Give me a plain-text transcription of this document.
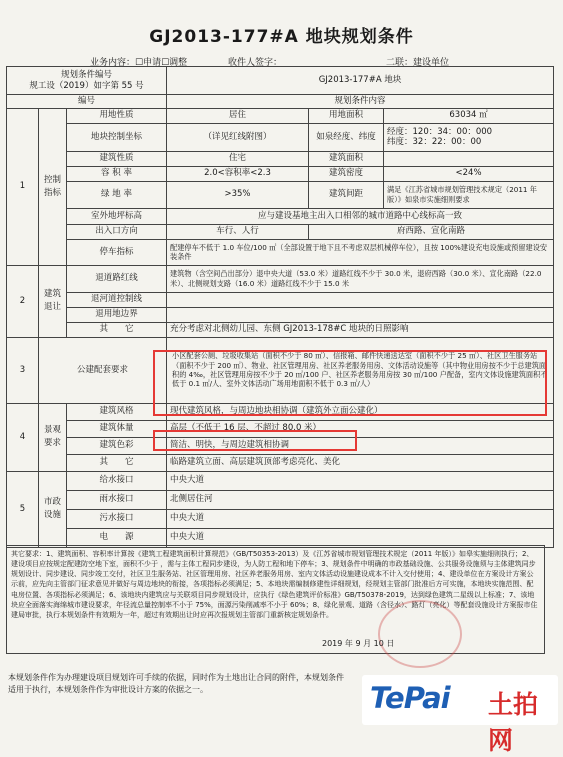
GJ2013-177#A 地块规划条件
业务内容：☐申请☐调整	收件人签字：	二联：建设单位
规划条件编号
规工设（2019）如字第 55 号			GJ2013-177#A 地块		
编号			规划条件内容		
1	控制指标	用地性质	居住	用地面积	63034 ㎡
		地块控制坐标	（详见红线附图）	如泉经度、纬度	经度：120：34：00：000
纬度：32：22：00：00

		建筑性质	住宅	建筑面积	
		容 积 率	2.0<容积率<2.3	建筑密度	<24%
		绿 地 率	>35%	建筑间距	满足《江苏省城市规划管理技术规定（2011 年版）》如泉市实施细则要求
		室外地坪标高	应与建设基地主出入口相邻的城市道路中心线标高一致		
		出入口方向	车行、人行	府西路、宣化南路	
		停车指标	配建停车不低于 1.0 车位/100 ㎡（全部设置于地下且不考虑双层机械停车位），且按 100%建设充电设施或预留建设安装条件		
2	建筑退让	退道路红线	建筑物（含空间凸出部分）退中央大道（53.0 米）道路红线不少于 30.0 米，退府西路（30.0 米）、宣化南路（22.0 米）、北侧规划支路（16.0 米）道路红线不少于 15.0 米		
		退河道控制线			
		退用地边界			
		其　　它	充分考虑对北侧幼儿园、东侧 GJ2013-178#C 地块的日照影响		
3	公建配套要求		小区配套公厕、垃圾收集站（面积不少于 80 ㎡）、信报箱、邮件快递送达室（面积不少于 25 ㎡）、社区卫生服务站（面积不少于 200 ㎡）、物业、社区管理用房、社区养老服务用房、文体活动设施等（其中物业用房按不少于总建筑面积的 4‰，社区管理用房按不少于 20 ㎡/100 户、社区养老服务用房按 30 ㎡/100 户配备，室内文体设施建筑面积不低于 0.1 ㎡/人、室外文体活动广场用地面积不低于 0.3 ㎡/人）		
4	景观要求	建筑风格	现代建筑风格，与周边地块相协调（建筑外立面公建化）		
		建筑体量	高层（不低于 16 层、不超过 80.0 米）		
		建筑色彩	简洁、明快，与周边建筑相协调		
		其　　它	临路建筑立面、高层建筑顶部考虑亮化、美化		
5	市政设施	给水接口	中央大道		
		雨水接口	北侧居住河		
		污水接口	中央大道		
		电　　源	中央大道		
其它要求：1、建筑面积、容积率计算按《建筑工程建筑面积计算规范》（GB/T50353-2013）及《江苏省城市规划管理技术规定（2011 年版）》如皋实施细则执行；2、建设项目应按规定配建防空地下室，面积不少于 ，需与主体工程同步建设，为人防工程和地下停车；3、规划条件中明确的市政基础设施、公共服务设施须与主体建筑同步规划设计、同步建设、同步竣工交付，社区卫生服务站、社区管理用房、社区养老服务用房、室内文体活动设施建设成本不计入交付使用；4、建设单位在方案设计方案公示前，应先向主管部门征求意见并做好与周边地块的衔接，各项指标必须满足；5、本地块需编制修建性详细规划，经规划主管部门批准后方可实施，本地块实施范围、配电房位置、各项指标必须满足；6、该地块内建筑应与关联项目同步规划设计，应执行《绿色建筑评价标准》GB/T50378-2019，达到绿色建筑二星级以上标准；7、该地块应全面落实海绵城市建设要求，年径流总量控制率不小于 75%，面源污染削减率不小于 60%；8、绿化景观、道路（含径水）、路灯（亮化）等配套设施设计方案报市住建局审批，执行本规划条件有效期为一年，超过有效期出让时应再次报规划主管部门重新核定规划条件。
2019 年 9 月 10 日
本规划条件作为办理建设项目规划许可手续的依据，同时作为土地出让合同的附件，本规划条件适用于执行，本规划条件作为审批设计方案的依据之一。	TePai 土拍网
